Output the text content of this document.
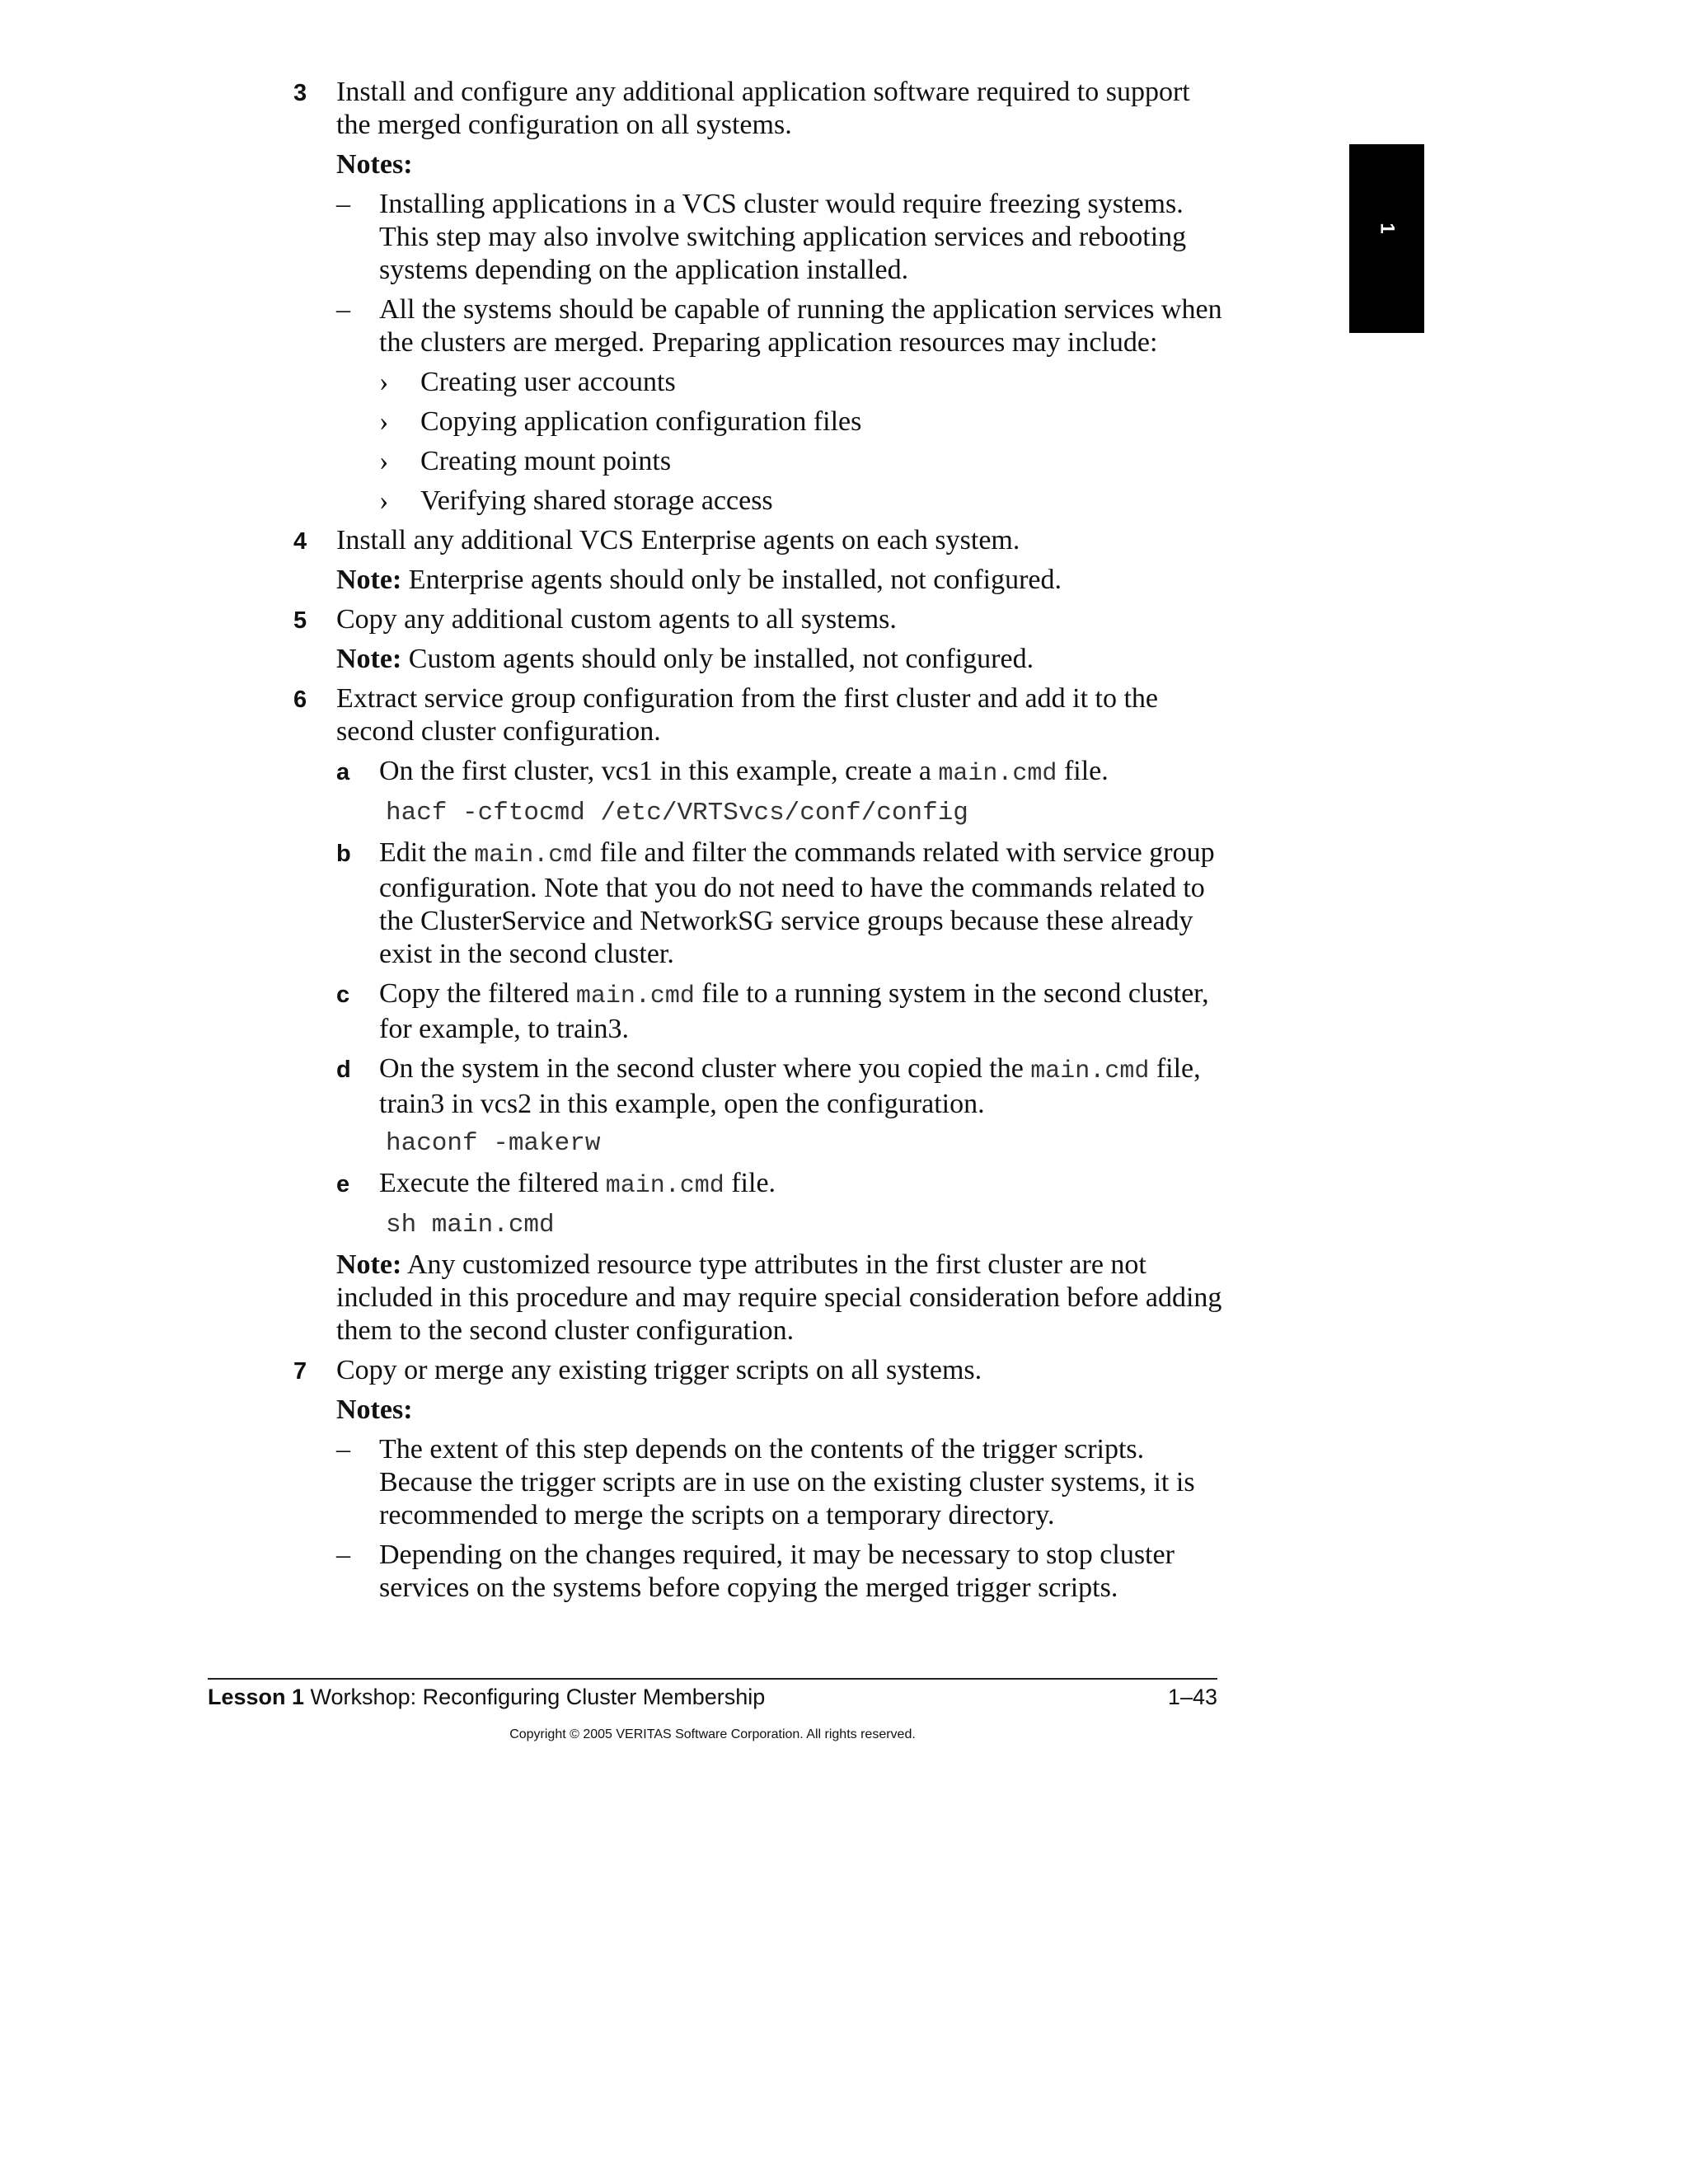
1
3 Install and configure any additional application software required to support the merged configuration on all systems.
Notes:
– Installing applications in a VCS cluster would require freezing systems. This step may also involve switching application services and rebooting systems depending on the application installed.
– All the systems should be capable of running the application services when the clusters are merged. Preparing application resources may include:
› Creating user accounts
› Copying application configuration files
› Creating mount points
› Verifying shared storage access
4 Install any additional VCS Enterprise agents on each system.
Note: Enterprise agents should only be installed, not configured.
5 Copy any additional custom agents to all systems.
Note: Custom agents should only be installed, not configured.
6 Extract service group configuration from the first cluster and add it to the second cluster configuration.
a On the first cluster, vcs1 in this example, create a main.cmd file.
hacf -cftocmd /etc/VRTSvcs/conf/config
b Edit the main.cmd file and filter the commands related with service group configuration. Note that you do not need to have the commands related to the ClusterService and NetworkSG service groups because these already exist in the second cluster.
c Copy the filtered main.cmd file to a running system in the second cluster, for example, to train3.
d On the system in the second cluster where you copied the main.cmd file, train3 in vcs2 in this example, open the configuration.
haconf -makerw
e Execute the filtered main.cmd file.
sh main.cmd
Note: Any customized resource type attributes in the first cluster are not included in this procedure and may require special consideration before adding them to the second cluster configuration.
7 Copy or merge any existing trigger scripts on all systems.
Notes:
– The extent of this step depends on the contents of the trigger scripts. Because the trigger scripts are in use on the existing cluster systems, it is recommended to merge the scripts on a temporary directory.
– Depending on the changes required, it may be necessary to stop cluster services on the systems before copying the merged trigger scripts.
Lesson 1 Workshop: Reconfiguring Cluster Membership	1–43
Copyright © 2005 VERITAS Software Corporation. All rights reserved.
